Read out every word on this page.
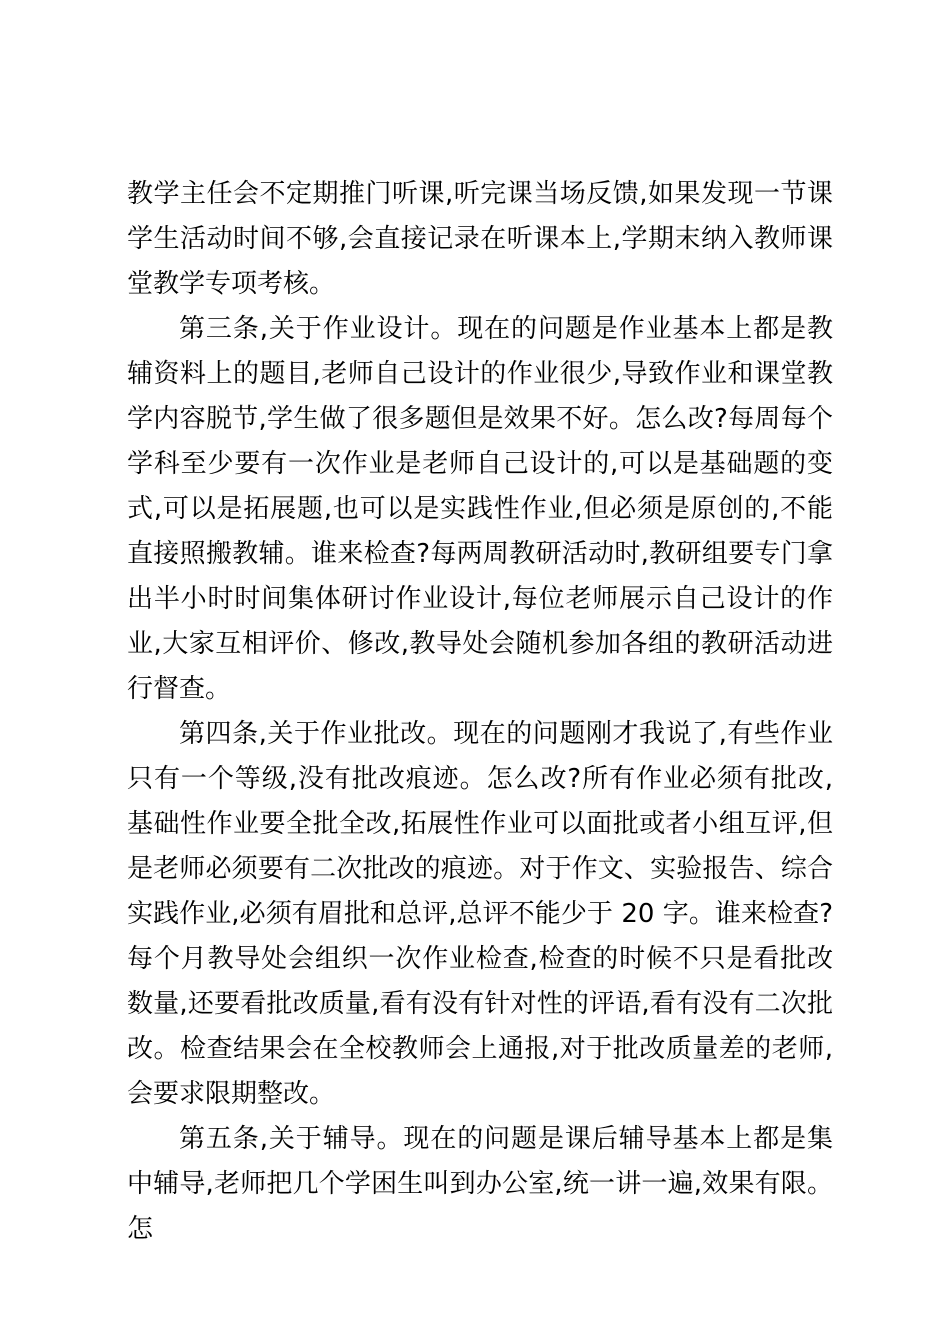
教学主任会不定期推门听课,听完课当场反馈,如果发现一节课学生活动时间不够,会直接记录在听课本上,学期末纳入教师课堂教学专项考核。

第三条,关于作业设计。现在的问题是作业基本上都是教辅资料上的题目,老师自己设计的作业很少,导致作业和课堂教学内容脱节,学生做了很多题但是效果不好。怎么改?每周每个学科至少要有一次作业是老师自己设计的,可以是基础题的变式,可以是拓展题,也可以是实践性作业,但必须是原创的,不能直接照搬教辅。谁来检查?每两周教研活动时,教研组要专门拿出半小时时间集体研讨作业设计,每位老师展示自己设计的作业,大家互相评价、修改,教导处会随机参加各组的教研活动进行督查。

第四条,关于作业批改。现在的问题刚才我说了,有些作业只有一个等级,没有批改痕迹。怎么改?所有作业必须有批改,基础性作业要全批全改,拓展性作业可以面批或者小组互评,但是老师必须要有二次批改的痕迹。对于作文、实验报告、综合实践作业,必须有眉批和总评,总评不能少于 20 字。谁来检查?每个月教导处会组织一次作业检查,检查的时候不只是看批改数量,还要看批改质量,看有没有针对性的评语,看有没有二次批改。检查结果会在全校教师会上通报,对于批改质量差的老师,会要求限期整改。

第五条,关于辅导。现在的问题是课后辅导基本上都是集中辅导,老师把几个学困生叫到办公室,统一讲一遍,效果有限。怎
